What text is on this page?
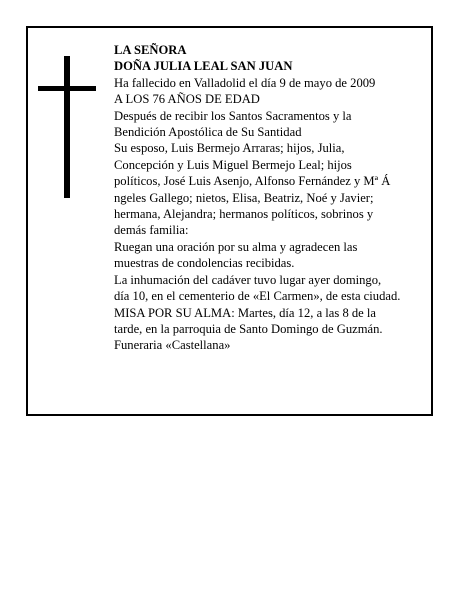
LA SEÑORA
DOÑA JULIA LEAL SAN JUAN
Ha fallecido en Valladolid el día 9 de mayo de 2009
A LOS 76 AÑOS DE EDAD
Después de recibir los Santos Sacramentos y la
Bendición Apostólica de Su Santidad
Su esposo, Luis Bermejo Arraras; hijos, Julia,
Concepción y Luis Miguel Bermejo Leal; hijos
políticos, José Luis Asenjo, Alfonso Fernández y Mª Á
ngeles Gallego; nietos, Elisa, Beatriz, Noé y Javier;
hermana, Alejandra; hermanos políticos, sobrinos y
demás familia:
Ruegan una oración por su alma y agradecen las
muestras de condolencias recibidas.
La inhumación del cadáver tuvo lugar ayer domingo,
día 10, en el cementerio de «El Carmen», de esta ciudad.
MISA POR SU ALMA: Martes, día 12, a las 8 de la
tarde, en la parroquia de Santo Domingo de Guzmán.
Funeraria «Castellana»
